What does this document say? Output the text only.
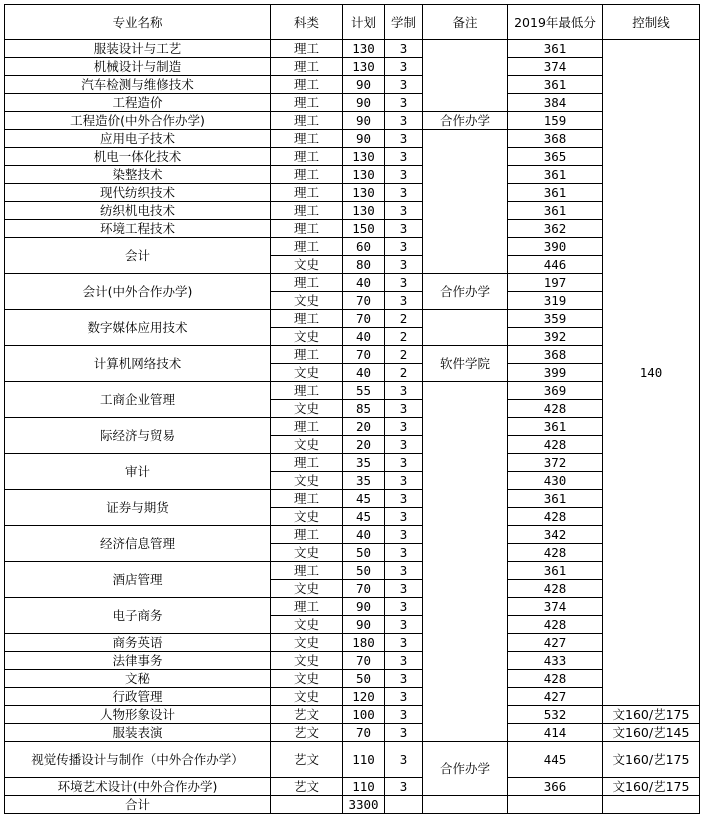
专业名称	科类	计划	学制	备注	2019年最低分	控制线
服装设计与工艺	理工	130	3		361	140
机械设计与制造	理工	130	3		374	
汽车检测与维修技术	理工	90	3		361	
工程造价	理工	90	3		384	
工程造价(中外合作办学)	理工	90	3	合作办学	159	
应用电子技术	理工	90	3		368	
机电一体化技术	理工	130	3		365	
染整技术	理工	130	3		361	
现代纺织技术	理工	130	3		361	
纺织机电技术	理工	130	3		361	
环境工程技术	理工	150	3		362	
会计	理工	60	3		390	
	文史	80	3		446	
会计(中外合作办学)	理工	40	3	合作办学	197	
	文史	70	3		319	
数字媒体应用技术	理工	70	2		359	
	文史	40	2		392	
计算机网络技术	理工	70	2	软件学院	368	
	文史	40	2		399	
工商企业管理	理工	55	3		369	
	文史	85	3		428	
际经济与贸易	理工	20	3		361	
	文史	20	3		428	
审计	理工	35	3		372	
	文史	35	3		430	
证券与期货	理工	45	3		361	
	文史	45	3		428	
经济信息管理	理工	40	3		342	
	文史	50	3		428	
酒店管理	理工	50	3		361	
	文史	70	3		428	
电子商务	理工	90	3		374	
	文史	90	3		428	
商务英语	文史	180	3		427	
法律事务	文史	70	3		433	
文秘	文史	50	3		428	
行政管理	文史	120	3		427	
人物形象设计	艺文	100	3		532	文160/艺175
服装表演	艺文	70	3		414	文160/艺145
视觉传播设计与制作（中外合作办学）	艺文	110	3	合作办学	445	文160/艺175
环境艺术设计(中外合作办学)	艺文	110	3		366	文160/艺175
合计		3300				
